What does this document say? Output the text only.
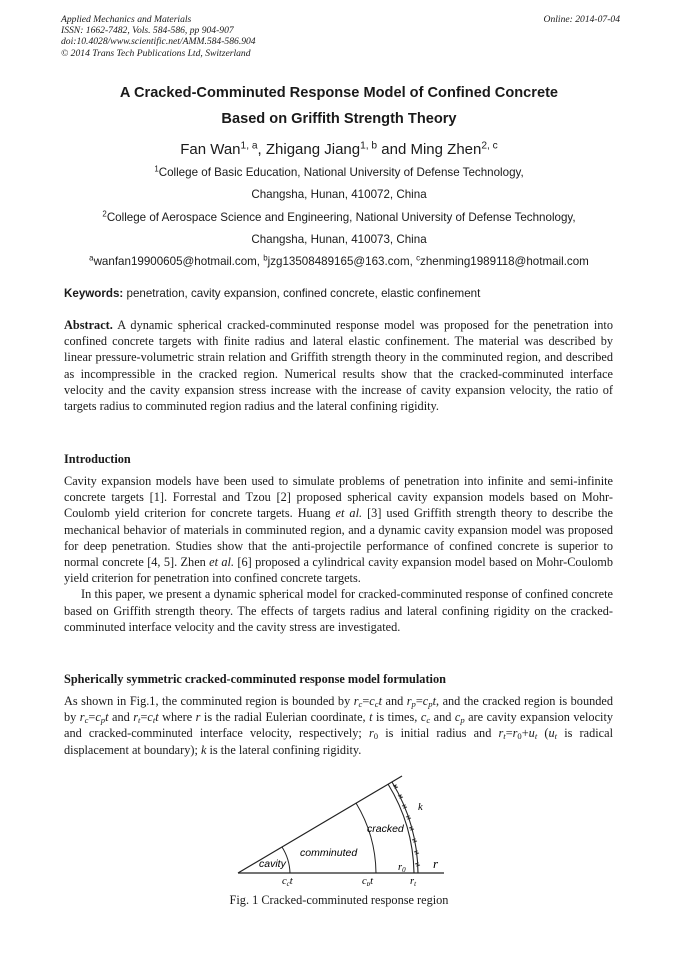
Applied Mechanics and Materials
ISSN: 1662-7482, Vols. 584-586, pp 904-907
doi:10.4028/www.scientific.net/AMM.584-586.904
© 2014 Trans Tech Publications Ltd, Switzerland
Online: 2014-07-04
A Cracked-Comminuted Response Model of Confined Concrete
Based on Griffith Strength Theory
Fan Wan$^{1, a}$, Zhigang Jiang$^{1, b}$ and Ming Zhen$^{2, c}$
$^1$College of Basic Education, National University of Defense Technology,
Changsha, Hunan, 410072, China
$^2$College of Aerospace Science and Engineering, National University of Defense Technology,
Changsha, Hunan, 410073, China
$^a$wanfan19900605@hotmail.com, $^b$jzg13508489165@163.com, $^c$zhenming1989118@hotmail.com
Keywords: penetration, cavity expansion, confined concrete, elastic confinement
Abstract. A dynamic spherical cracked-comminuted response model was proposed for the penetration into confined concrete targets with finite radius and lateral elastic confinement. The material was described by linear pressure-volumetric strain relation and Griffith strength theory in the comminuted region, and described as incompressible in the cracked region. Numerical results show that the cracked-comminuted interface velocity and the cavity expansion stress increase with the increase of cavity expansion velocity, the ratio of targets radius to comminuted region radius and the lateral confining rigidity.
Introduction
Cavity expansion models have been used to simulate problems of penetration into infinite and semi-infinite concrete targets [1]. Forrestal and Tzou [2] proposed spherical cavity expansion models based on Mohr-Coulomb yield criterion for concrete targets. Huang et al. [3] used Griffith strength theory to describe the mechanical behavior of materials in comminuted region, and a dynamic cavity expansion model was proposed for deep penetration. Studies show that the anti-projectile performance of confined concrete is superior to normal concrete [4, 5]. Zhen et al. [6] proposed a cylindrical cavity expansion model based on Mohr-Coulomb yield criterion for penetration into confined concrete targets.
In this paper, we present a dynamic spherical model for cracked-comminuted response of confined concrete based on Griffith strength theory. The effects of targets radius and lateral confining rigidity on the cracked-comminuted interface velocity and the cavity stress are investigated.
Spherically symmetric cracked-comminuted response model formulation
As shown in Fig.1, the comminuted region is bounded by $r_c=c_ct$ and $r_p=c_pt$, and the cracked region is bounded by $r_c=c_pt$ and $r_t=c_tt$ where r is the radial Eulerian coordinate, t is times, $c_c$ and $c_p$ are cavity expansion velocity and cracked-comminuted interface velocity, respectively; $r_0$ is initial radius and $r_t=r_0+u_t$ ($u_t$ is radical displacement at boundary); k is the lateral confining rigidity.
cavity
comminuted
cracked
k
r
r0
cct	cpt	rt
Fig. 1 Cracked-comminuted response region
